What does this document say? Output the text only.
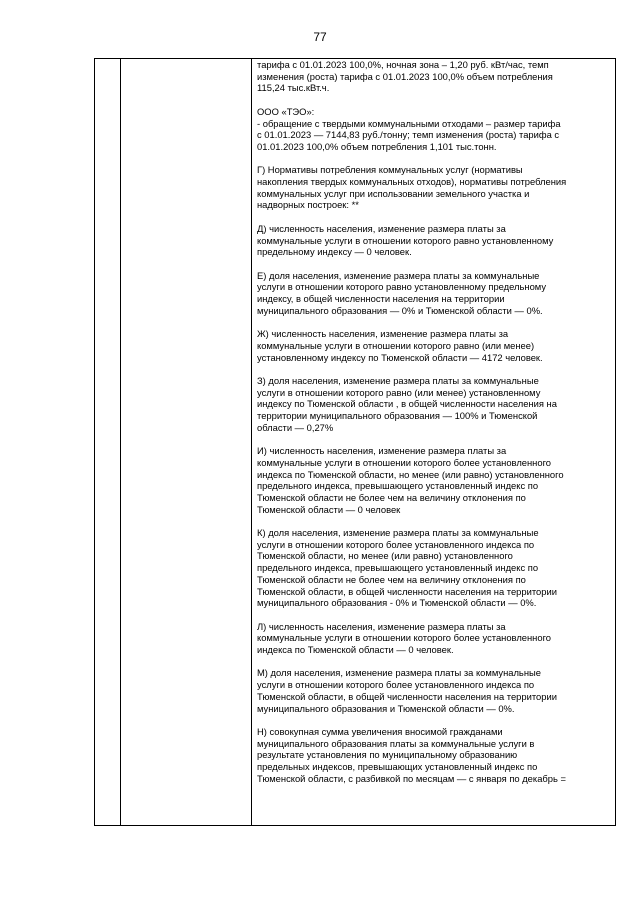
77

тарифа с 01.01.2023 100,0%, ночная зона – 1,20 руб. кВт/час, темп
изменения (роста) тарифа с 01.01.2023 100,0% объем потребления
115,24 тыс.кВт.ч.
ООО «ТЭО»:
- обращение с твердыми коммунальными отходами – размер тарифа
с 01.01.2023 — 7144,83 руб./тонну; темп изменения (роста) тарифа с
01.01.2023 100,0% объем потребления 1,101 тыс.тонн.
Г) Нормативы потребления коммунальных услуг (нормативы
накопления твердых коммунальных отходов), нормативы потребления
коммунальных услуг при использовании земельного участка и
надворных построек: **
Д) численность населения, изменение размера платы за
коммунальные услуги в отношении которого равно установленному
предельному индексу — 0 человек.
Е) доля населения, изменение размера платы за коммунальные
услуги в отношении которого равно установленному предельному
индексу, в общей численности населения на территории
муниципального образования — 0% и Тюменской области — 0%.
Ж) численность населения, изменение размера платы за
коммунальные услуги в отношении которого равно (или менее)
установленному индексу по Тюменской области — 4172 человек.
З) доля населения, изменение размера платы за коммунальные
услуги в отношении которого равно (или менее) установленному
индексу по Тюменской области , в общей численности населения на
территории муниципального образования — 100% и Тюменской
области — 0,27%
И) численность населения, изменение размера платы за
коммунальные услуги в отношении которого более установленного
индекса по Тюменской области, но менее (или равно) установленного
предельного индекса, превышающего установленный индекс по
Тюменской области не более чем на величину отклонения по
Тюменской области — 0 человек
К) доля населения, изменение размера платы за коммунальные
услуги в отношении которого более установленного индекса по
Тюменской области, но менее (или равно) установленного
предельного индекса, превышающего установленный индекс по
Тюменской области не более чем на величину отклонения по
Тюменской области, в общей численности населения на территории
муниципального образования - 0% и Тюменской области — 0%.
Л) численность населения, изменение размера платы за
коммунальные услуги в отношении которого более установленного
индекса по Тюменской области — 0 человек.
М) доля населения, изменение размера платы за коммунальные
услуги в отношении которого более установленного индекса по
Тюменской области, в общей численности населения на территории
муниципального образования и Тюменской области — 0%.
Н) совокупная сумма увеличения вносимой гражданами
муниципального образования платы за коммунальные услуги в
результате установления по муниципальному образованию
предельных индексов, превышающих установленный индекс по
Тюменской области, с разбивкой по месяцам — с января по декабрь =
